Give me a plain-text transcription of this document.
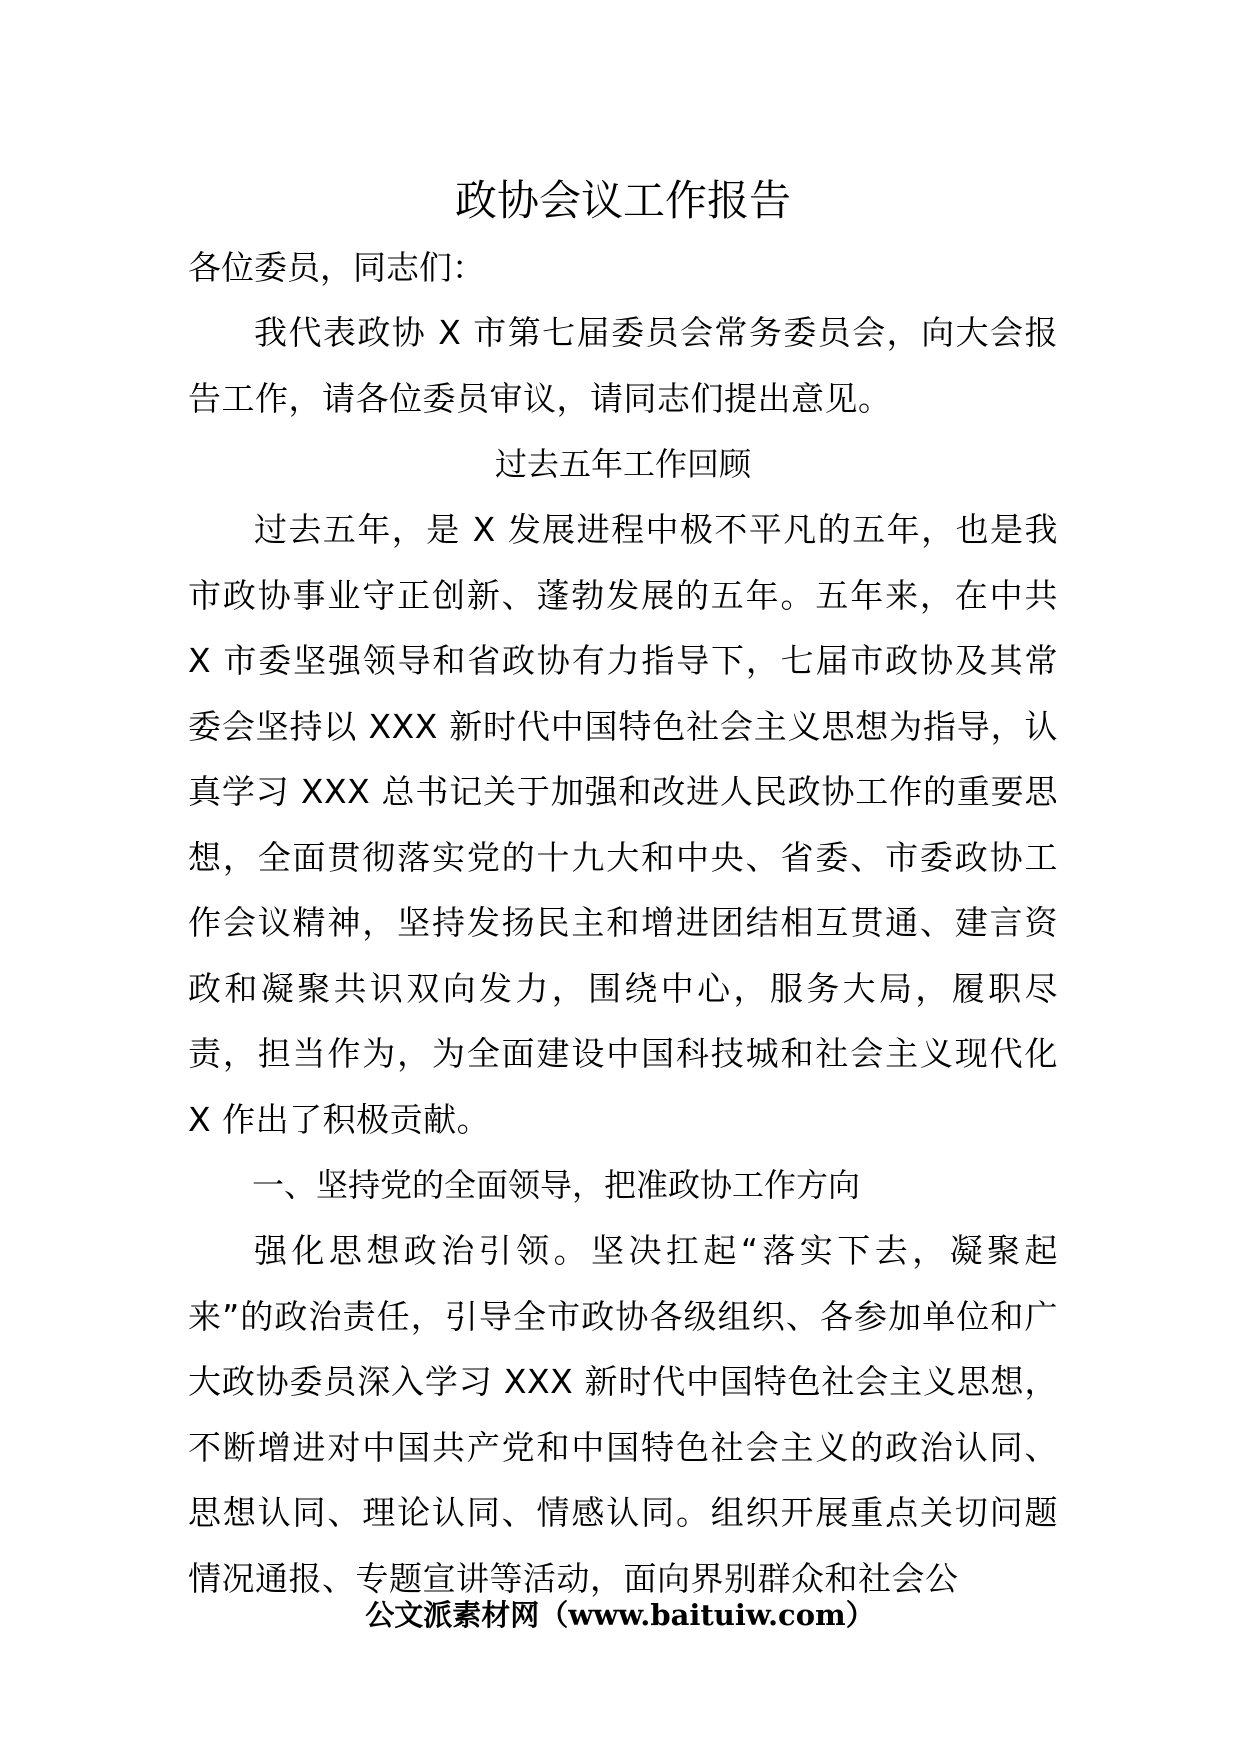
政协会议工作报告

各位委员，同志们：

我代表政协 X 市第七届委员会常务委员会，向大会报告工作，请各位委员审议，请同志们提出意见。

过去五年工作回顾

过去五年，是 X 发展进程中极不平凡的五年，也是我市政协事业守正创新、蓬勃发展的五年。五年来，在中共 X 市委坚强领导和省政协有力指导下，七届市政协及其常委会坚持以 XXX 新时代中国特色社会主义思想为指导，认真学习 XXX 总书记关于加强和改进人民政协工作的重要思想，全面贯彻落实党的十九大和中央、省委、市委政协工作会议精神，坚持发扬民主和增进团结相互贯通、建言资政和凝聚共识双向发力，围绕中心，服务大局，履职尽责，担当作为，为全面建设中国科技城和社会主义现代化 X 作出了积极贡献。

一、坚持党的全面领导，把准政协工作方向

强化思想政治引领。坚决扛起“落实下去，凝聚起来”的政治责任，引导全市政协各级组织、各参加单位和广大政协委员深入学习 XXX 新时代中国特色社会主义思想，不断增进对中国共产党和中国特色社会主义的政治认同、思想认同、理论认同、情感认同。组织开展重点关切问题情况通报、专题宣讲等活动，面向界别群众和社会公

公文派素材网（www.baituiw.com）
